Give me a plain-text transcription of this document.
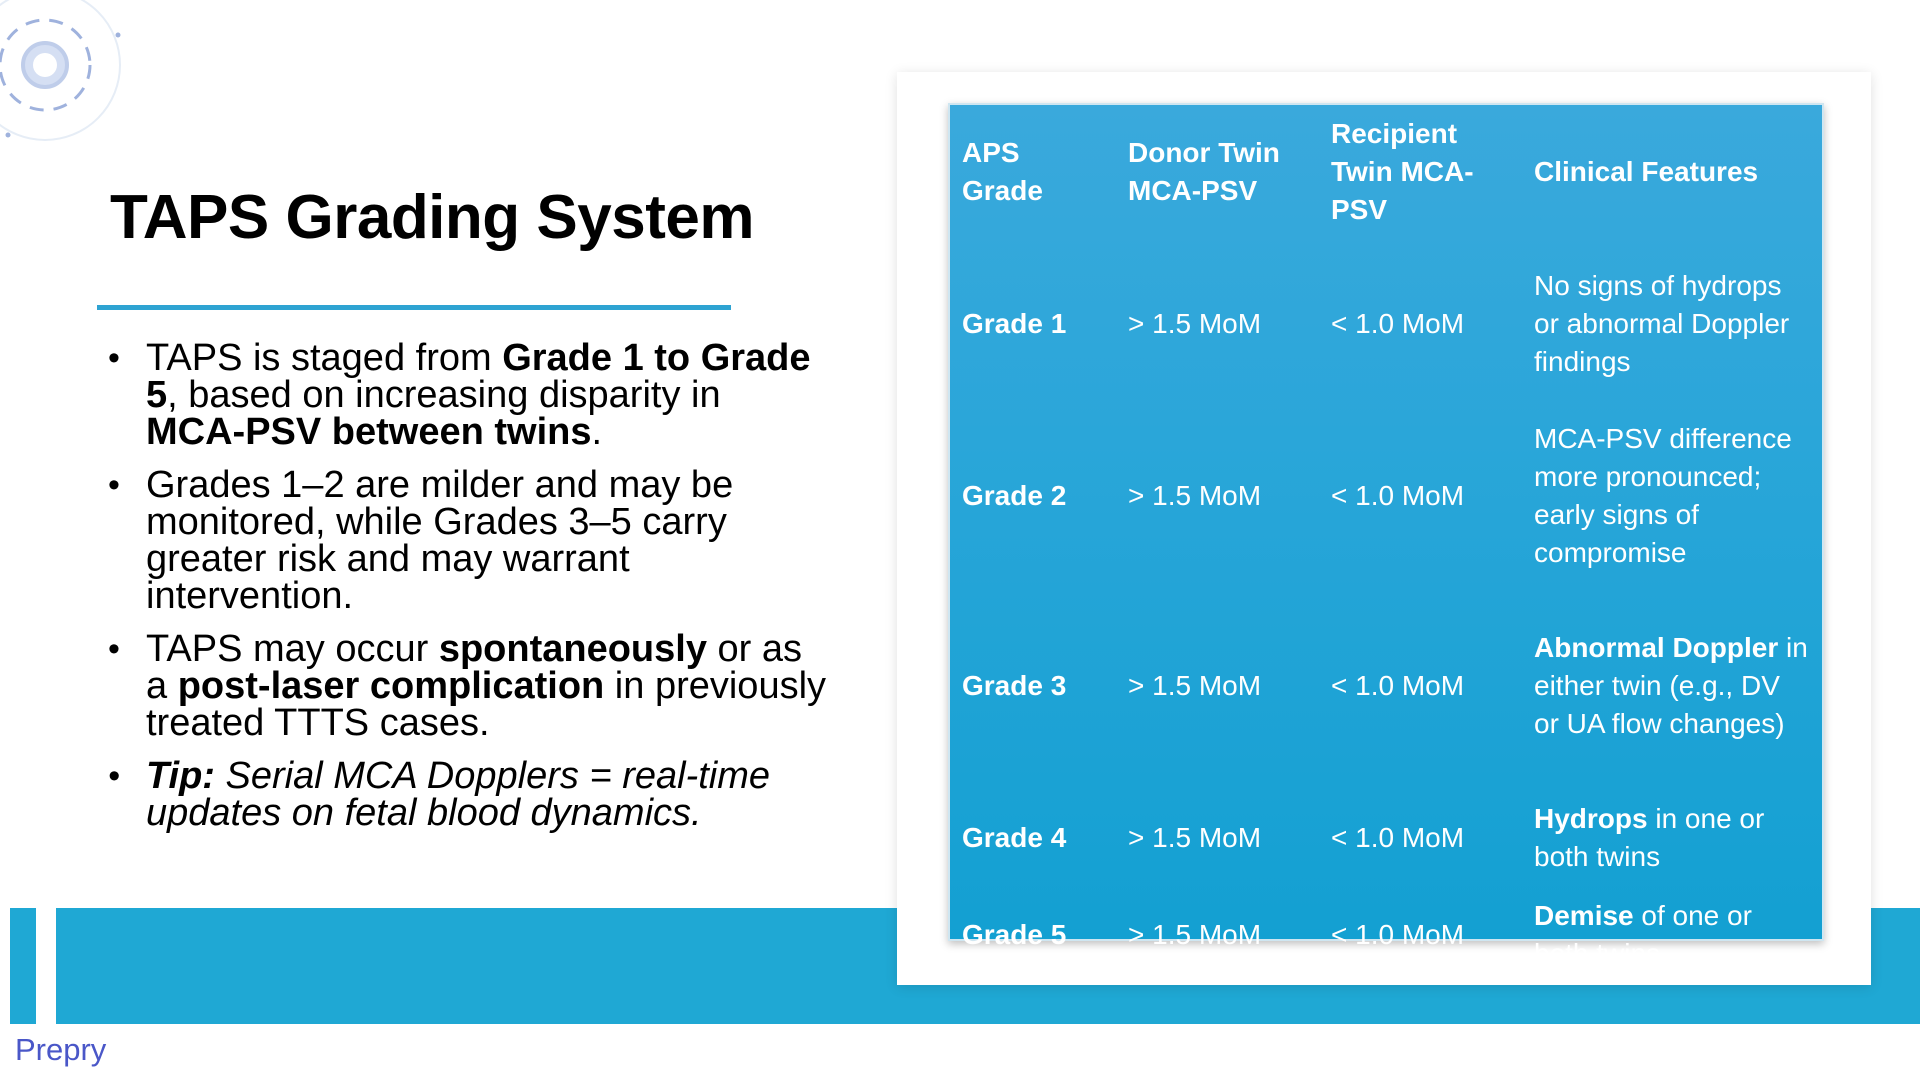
TAPS Grading System
• TAPS is staged from Grade 1 to Grade 5, based on increasing disparity in MCA-PSV between twins.
• Grades 1–2 are milder and may be monitored, while Grades 3–5 carry greater risk and may warrant intervention.
• TAPS may occur spontaneously or as a post-laser complication in previously treated TTTS cases.
• Tip: Serial MCA Dopplers = real-time updates on fetal blood dynamics.
APS Grade	Donor Twin MCA-PSV	Recipient Twin MCA-PSV	Clinical Features
Grade 1	> 1.5 MoM	< 1.0 MoM	No signs of hydrops or abnormal Doppler findings
Grade 2	> 1.5 MoM	< 1.0 MoM	MCA-PSV difference more pronounced; early signs of compromise
Grade 3	> 1.5 MoM	< 1.0 MoM	Abnormal Doppler in either twin (e.g., DV or UA flow changes)
Grade 4	> 1.5 MoM	< 1.0 MoM	Hydrops in one or both twins
Grade 5	> 1.5 MoM	< 1.0 MoM	Demise of one or both twins
Prepry
